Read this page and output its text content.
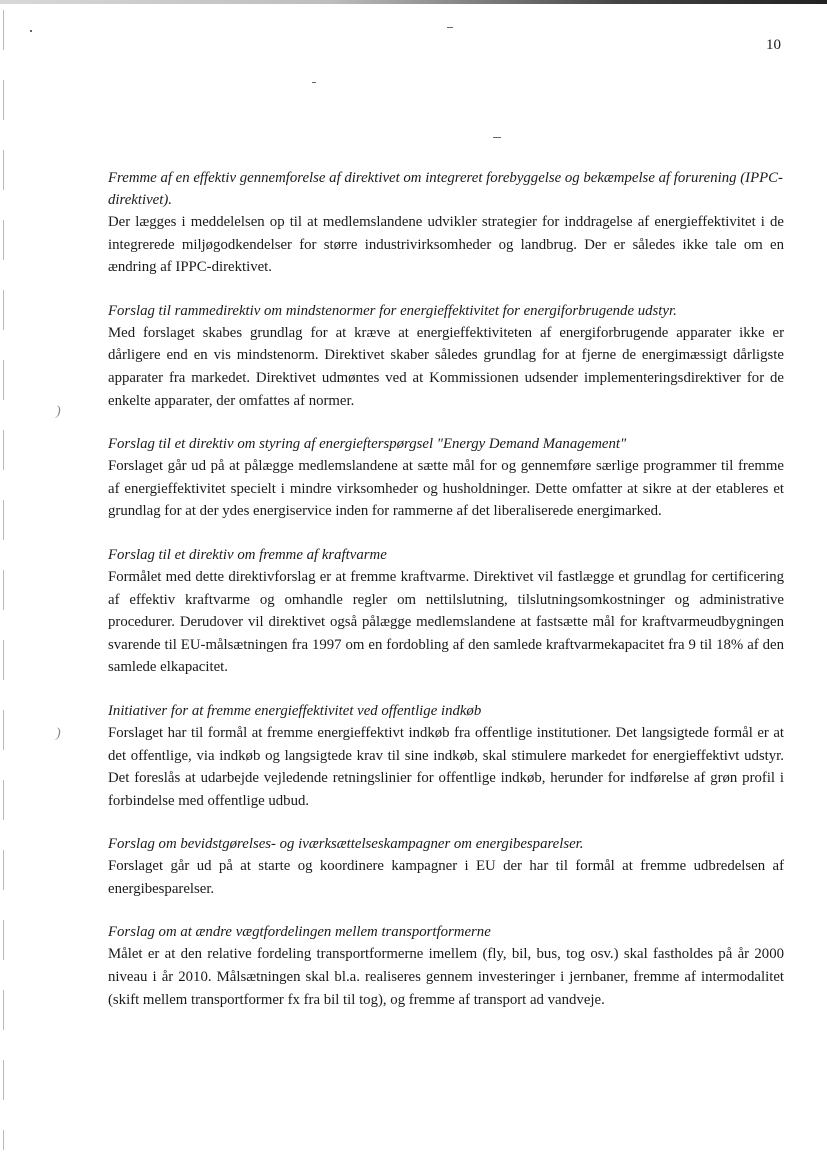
)
)
10

Fremme af en effektiv gennemforelse af direktivet om integreret forebyggelse og bekæmpelse af forurening (IPPC-direktivet).

Der lægges i meddelelsen op til at medlemslandene udvikler strategier for inddragelse af energieffektivitet i de integrerede miljøgodkendelser for større industrivirksomheder og landbrug. Der er således ikke tale om en ændring af IPPC-direktivet.

Forslag til rammedirektiv om mindstenormer for energieffektivitet for energiforbrugende udstyr.

Med forslaget skabes grundlag for at kræve at energieffektiviteten af energiforbrugende apparater ikke er dårligere end en vis mindstenorm. Direktivet skaber således grundlag for at fjerne de energimæssigt dårligste apparater fra markedet. Direktivet udmøntes ved at Kommissionen udsender implementeringsdirektiver for de enkelte apparater, der omfattes af normer.

Forslag til et direktiv om styring af energiefterspørgsel "Energy Demand Management"

Forslaget går ud på at pålægge medlemslandene at sætte mål for og gennemføre særlige programmer til fremme af energieffektivitet specielt i mindre virksomheder og husholdninger. Dette omfatter at sikre at der etableres et grundlag for at der ydes energiservice inden for rammerne af det liberaliserede energimarked.

Forslag til et direktiv om fremme af kraftvarme

Formålet med dette direktivforslag er at fremme kraftvarme. Direktivet vil fastlægge et grundlag for certificering af effektiv kraftvarme og omhandle regler om nettilslutning, tilslutningsomkostninger og administrative procedurer. Derudover vil direktivet også pålægge medlemslandene at fastsætte mål for kraftvarmeudbygningen svarende til EU-målsætningen fra 1997 om en fordobling af den samlede kraftvarmekapacitet fra 9 til 18% af den samlede elkapacitet.

Initiativer for at fremme energieffektivitet ved offentlige indkøb

Forslaget har til formål at fremme energieffektivt indkøb fra offentlige institutioner. Det langsigtede formål er at det offentlige, via indkøb og langsigtede krav til sine indkøb, skal stimulere markedet for energieffektivt udstyr. Det foreslås at udarbejde vejledende retningslinier for offentlige indkøb, herunder for indførelse af grøn profil i forbindelse med offentlige udbud.

Forslag om bevidstgørelses- og iværksættelseskampagner om energibesparelser.

Forslaget går ud på at starte og koordinere kampagner i EU der har til formål at fremme udbredelsen af energibesparelser.

Forslag om at ændre vægtfordelingen mellem transportformerne

Målet er at den relative fordeling transportformerne imellem (fly, bil, bus, tog osv.) skal fastholdes på år 2000 niveau i år 2010. Målsætningen skal bl.a. realiseres gennem investeringer i jernbaner, fremme af intermodalitet (skift mellem transportformer fx fra bil til tog), og fremme af transport ad vandveje.
